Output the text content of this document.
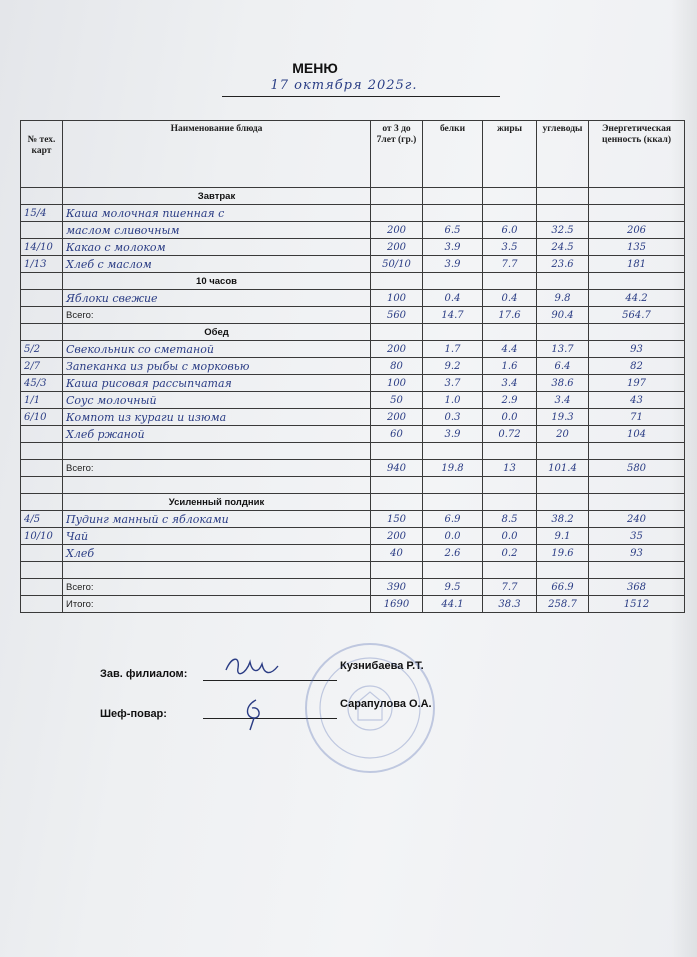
МЕНЮ
17 октября 2025г.
№ тех. карт	Наименование блюда	от 3 до 7лет (гр.)	белки	жиры	углеводы	Энергетическая ценность (ккал)
	Завтрак					
15/4	Каша молочная пшенная с					
	маслом сливочным	200	6.5	6.0	32.5	206
14/10	Какао с молоком	200	3.9	3.5	24.5	135
1/13	Хлеб с маслом	50/10	3.9	7.7	23.6	181
	10 часов					
	Яблоки свежие	100	0.4	0.4	9.8	44.2
	Всего:	560	14.7	17.6	90.4	564.7
	Обед					
5/2	Свекольник со сметаной	200	1.7	4.4	13.7	93
2/7	Запеканка из рыбы с морковью	80	9.2	1.6	6.4	82
45/3	Каша рисовая рассыпчатая	100	3.7	3.4	38.6	197
1/1	Соус молочный	50	1.0	2.9	3.4	43
6/10	Компот из кураги и изюма	200	0.3	0.0	19.3	71
	Хлеб ржаной	60	3.9	0.72	20	104

	Всего:	940	19.8	13	101.4	580

	Усиленный полдник					
4/5	Пудинг манный с яблоками	150	6.9	8.5	38.2	240
10/10	Чай	200	0.0	0.0	9.1	35
	Хлеб	40	2.6	0.2	19.6	93

	Всего:	390	9.5	7.7	66.9	368
	Итого:	1690	44.1	38.3	258.7	1512
Зав. филиалом:
Кузнибаева Р.Т.
Шеф-повар:
Сарапулова О.А.
